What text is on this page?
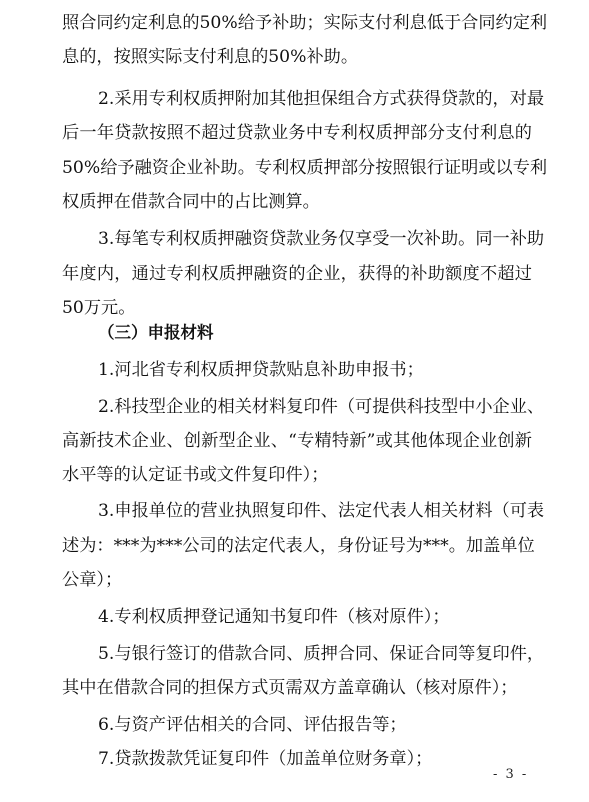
照合同约定利息的50%给予补助；实际支付利息低于合同约定利
息的，按照实际支付利息的50%补助。
2.采用专利权质押附加其他担保组合方式获得贷款的，对最
后一年贷款按照不超过贷款业务中专利权质押部分支付利息的
50%给予融资企业补助。专利权质押部分按照银行证明或以专利
权质押在借款合同中的占比测算。
3.每笔专利权质押融资贷款业务仅享受一次补助。同一补助
年度内，通过专利权质押融资的企业，获得的补助额度不超过
50万元。
（三）申报材料
1.河北省专利权质押贷款贴息补助申报书；
2.科技型企业的相关材料复印件（可提供科技型中小企业、
高新技术企业、创新型企业、“专精特新”或其他体现企业创新
水平等的认定证书或文件复印件）；
3.申报单位的营业执照复印件、法定代表人相关材料（可表
述为：***为***公司的法定代表人，身份证号为***。加盖单位
公章）；
4.专利权质押登记通知书复印件（核对原件）；
5.与银行签订的借款合同、质押合同、保证合同等复印件，
其中在借款合同的担保方式页需双方盖章确认（核对原件）；
6.与资产评估相关的合同、评估报告等；
7.贷款拨款凭证复印件（加盖单位财务章）；
- 3 -
